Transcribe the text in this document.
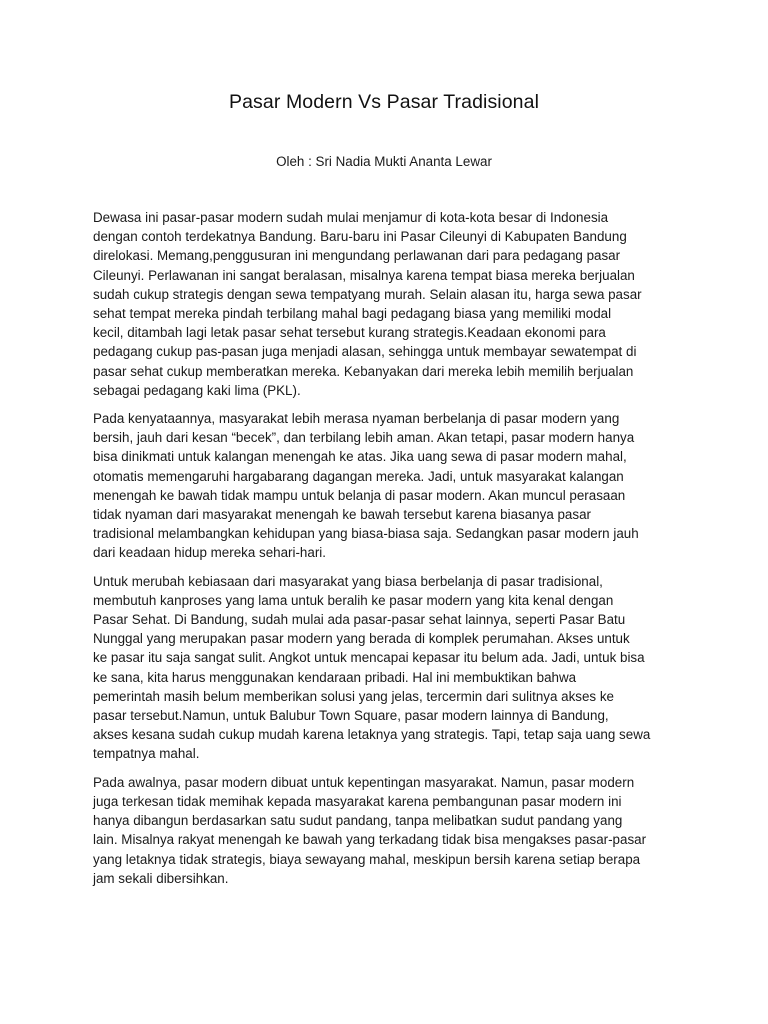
Pasar Modern Vs Pasar Tradisional
Oleh : Sri Nadia Mukti Ananta Lewar

Dewasa ini pasar-pasar modern sudah mulai menjamur di kota-kota besar di Indonesia
dengan contoh terdekatnya Bandung. Baru-baru ini Pasar Cileunyi di Kabupaten Bandung
direlokasi. Memang,penggusuran ini mengundang perlawanan dari para pedagang pasar
Cileunyi. Perlawanan ini sangat beralasan, misalnya karena tempat biasa mereka berjualan
sudah cukup strategis dengan sewa tempatyang murah. Selain alasan itu, harga sewa pasar
sehat tempat mereka pindah terbilang mahal bagi pedagang biasa yang memiliki modal
kecil, ditambah lagi letak pasar sehat tersebut kurang strategis.Keadaan ekonomi para
pedagang cukup pas-pasan juga menjadi alasan, sehingga untuk membayar sewatempat di
pasar sehat cukup memberatkan mereka. Kebanyakan dari mereka lebih memilih berjualan
sebagai pedagang kaki lima (PKL).

Pada kenyataannya, masyarakat lebih merasa nyaman berbelanja di pasar modern yang
bersih, jauh dari kesan “becek”, dan terbilang lebih aman. Akan tetapi, pasar modern hanya
bisa dinikmati untuk kalangan menengah ke atas. Jika uang sewa di pasar modern mahal,
otomatis memengaruhi hargabarang dagangan mereka. Jadi, untuk masyarakat kalangan
menengah ke bawah tidak mampu untuk belanja di pasar modern. Akan muncul perasaan
tidak nyaman dari masyarakat menengah ke bawah tersebut karena biasanya pasar
tradisional melambangkan kehidupan yang biasa-biasa saja. Sedangkan pasar modern jauh
dari keadaan hidup mereka sehari-hari.

Untuk merubah kebiasaan dari masyarakat yang biasa berbelanja di pasar tradisional,
membutuh kanproses yang lama untuk beralih ke pasar modern yang kita kenal dengan
Pasar Sehat. Di Bandung, sudah mulai ada pasar-pasar sehat lainnya, seperti Pasar Batu
Nunggal yang merupakan pasar modern yang berada di komplek perumahan. Akses untuk
ke pasar itu saja sangat sulit. Angkot untuk mencapai kepasar itu belum ada. Jadi, untuk bisa
ke sana, kita harus menggunakan kendaraan pribadi. Hal ini membuktikan bahwa
pemerintah masih belum memberikan solusi yang jelas, tercermin dari sulitnya akses ke
pasar tersebut.Namun, untuk Balubur Town Square, pasar modern lainnya di Bandung,
akses kesana sudah cukup mudah karena letaknya yang strategis. Tapi, tetap saja uang sewa
tempatnya mahal.

Pada awalnya, pasar modern dibuat untuk kepentingan masyarakat. Namun, pasar modern
juga terkesan tidak memihak kepada masyarakat karena pembangunan pasar modern ini
hanya dibangun berdasarkan satu sudut pandang, tanpa melibatkan sudut pandang yang
lain. Misalnya rakyat menengah ke bawah yang terkadang tidak bisa mengakses pasar-pasar
yang letaknya tidak strategis, biaya sewayang mahal, meskipun bersih karena setiap berapa
jam sekali dibersihkan.
